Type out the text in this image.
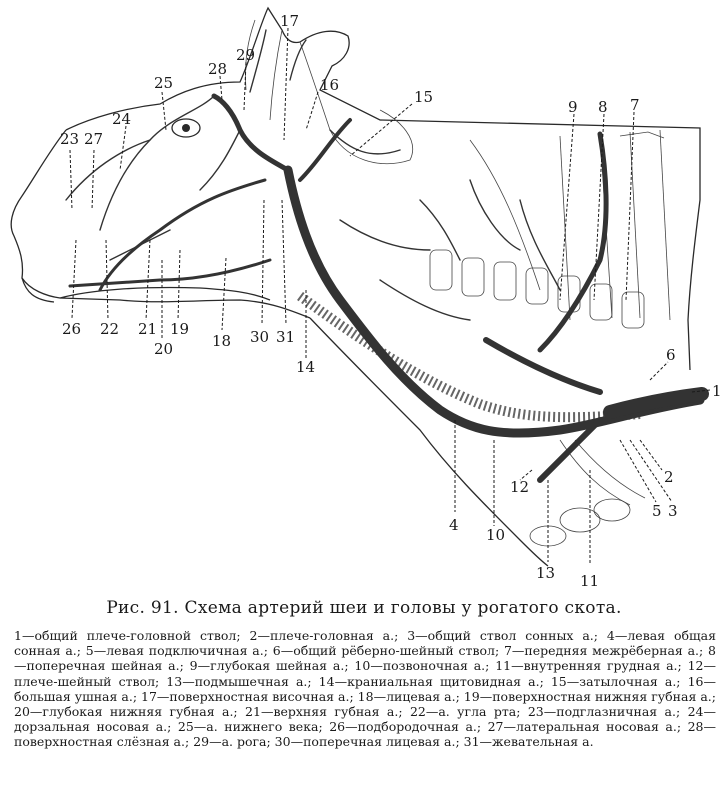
1
2
3
4
5
6
7
8
9
10
11
12
13
14
15
16
17
18
19
20
21
22
23
24
25
26
27
28
29
30 31
Рис. 91. Схема артерий шеи и головы у рогатого скота.

1—общий плече-головной ствол; 2—плече-головная а.; 3—общий ствол сонных а.; 4—левая общая сонная а.; 5—левая подключичная а.; 6—общий рёберно-шейный ствол; 7—передняя межрёберная а.; 8—поперечная шейная а.; 9—глубокая шейная а.; 10—позвоночная а.; 11—внутренняя грудная а.; 12—плече-шейный ствол; 13—подмышечная а.; 14—краниальная щитовидная а.; 15—затылочная а.; 16—большая ушная а.; 17—поверхностная височная а.; 18—лицевая а.; 19—поверхностная нижняя губная а.; 20—глубокая нижняя губная а.; 21—верхняя губная а.; 22—а. угла рта; 23—подглазничная а.; 24—дорзальная носовая а.; 25—а. нижнего века; 26—подбородочная а.; 27—латеральная носовая а.; 28—поверхностная слёзная а.; 29—а. рога; 30—поперечная лицевая а.; 31—жевательная а.
